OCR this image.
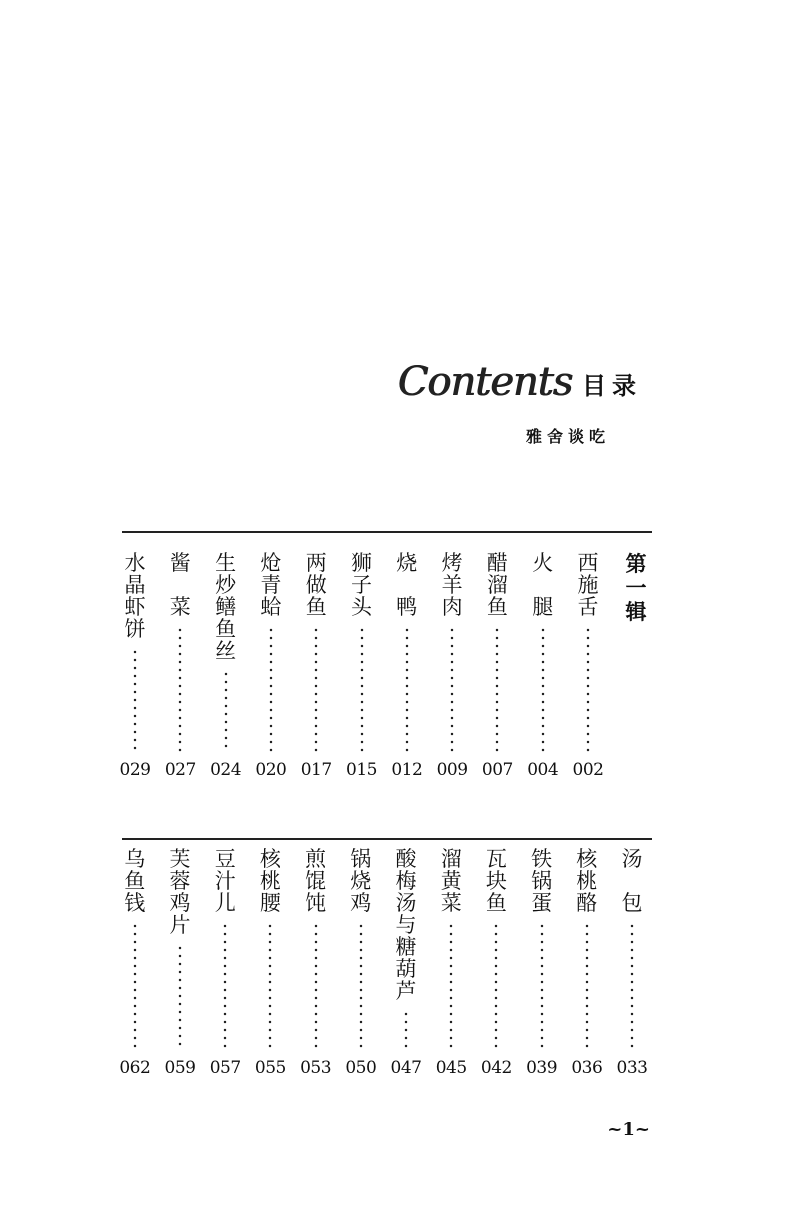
Contents 目录
雅舍谈吃
第
一
辑
西
施
舌
002
火

腿
004
醋
溜
鱼
007
烤
羊
肉
009
烧

鸭
012
狮
子
头
015
两
做
鱼
017
炝
青
蛤
020
生
炒
鳝
鱼
丝
024
酱

菜
027
水
晶
虾
饼
029
汤

包
033
核
桃
酪
036
铁
锅
蛋
039
瓦
块
鱼
042
溜
黄
菜
045
酸
梅
汤
与
糖
葫
芦
047
锅
烧
鸡
050
煎
馄
饨
053
核
桃
腰
055
豆
汁
儿
057
芙
蓉
鸡
片
059
乌
鱼
钱
062
~1~
